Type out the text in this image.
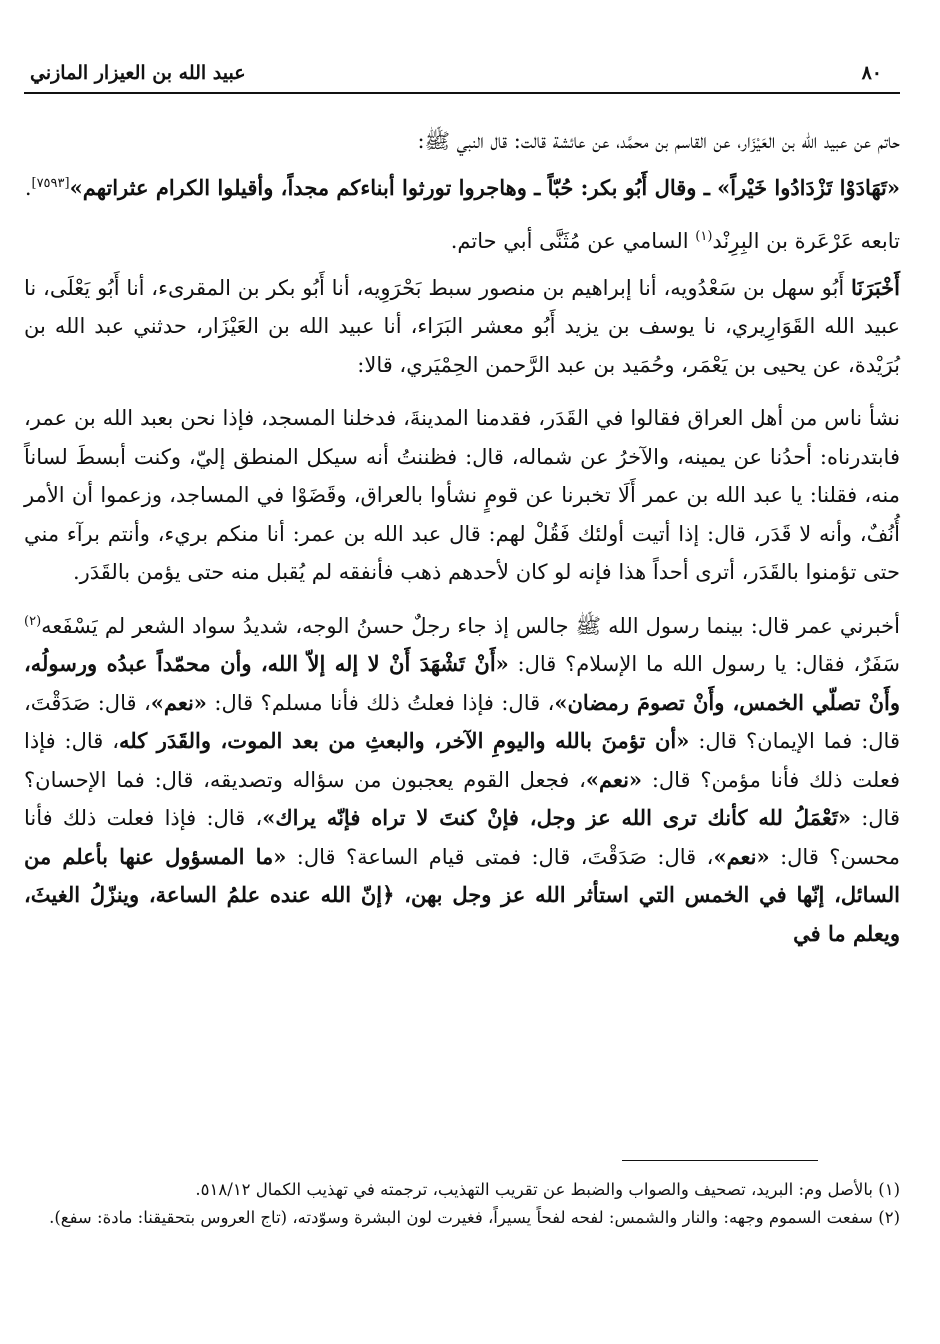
٨٠
عبيد الله بن العيزار المازني

حاتم عن عبيد الله بن العَيْزَار، عن القاسم بن محمَّد، عن عائشة قالت: قال النبي ﷺ:

«تَهَادَوْا تَزْدَادُوا خَيْراً» ـ وقال أَبُو بكر: حُبّاً ـ وهاجروا تورثوا أبناءكم مجداً، وأقيلوا الكرام عثراتهم»[٧٥٩٣].

تابعه عَرْعَرة بن البِرِنْد$^{(١)}$ السامي عن مُثَنَّى أبي حاتم.

أَخْبَرَنَا أَبُو سهل بن سَعْدُويه، أنا إبراهيم بن منصور سبط بَحْرَوِيه، أنا أَبُو بكر بن المقرىء، أنا أَبُو يَعْلَى، نا عبيد الله القَوَارِيري، نا يوسف بن يزيد أَبُو معشر البَرَاء، أنا عبيد الله بن العَيْزَار، حدثني عبد الله بن بُرَيْدة، عن يحيى بن يَعْمَر، وحُمَيد بن عبد الرَّحمن الحِمْيَري، قالا:

نشأ ناس من أهل العراق فقالوا في القَدَر، فقدمنا المدينةَ، فدخلنا المسجد، فإذا نحن بعبد الله بن عمر، فابتدرناه: أحدُنا عن يمينه، والآخرُ عن شماله، قال: فظننتُ أنه سيكل المنطق إليّ، وكنت أبسطَ لساناً منه، فقلنا: يا عبد الله بن عمر أَلَا تخبرنا عن قومٍ نشأوا بالعراق، وقَضَوْا في المساجد، وزعموا أن الأمر أُنُفٌ، وأنه لا قَدَر، قال: إذا أتيت أولئك فَقُلْ لهم: قال عبد الله بن عمر: أنا منكم بريء، وأنتم برآء مني حتى تؤمنوا بالقَدَر، أترى أحداً هذا فإنه لو كان لأحدهم ذهب فأنفقه لم يُقبل منه حتى يؤمن بالقَدَر.

أخبرني عمر قال: بينما رسول الله ﷺ جالس إذ جاء رجلٌ حسنُ الوجه، شديدُ سواد الشعر لم يَسْفَعه$^{(٢)}$ سَفَرٌ، فقال: يا رسول الله ما الإسلام؟ قال: «أَنْ تَشْهَدَ أَنْ لا إله إلاّ الله، وأن محمّداً عبدُه ورسولُه، وأَنْ تصلّي الخمس، وأَنْ تصومَ رمضان»، قال: فإذا فعلتُ ذلك فأنا مسلم؟ قال: «نعم»، قال: صَدَقْتَ، قال: فما الإيمان؟ قال: «أن تؤمنَ بالله واليومِ الآخر، والبعثِ من بعد الموت، والقَدَر كله، قال: فإذا فعلت ذلك فأنا مؤمن؟ قال: «نعم»، فجعل القوم يعجبون من سؤاله وتصديقه، قال: فما الإحسان؟ قال: «تَعْمَلُ لله كأنك ترى الله عز وجل، فإنْ كنتَ لا تراه فإنّه يراك»، قال: فإذا فعلت ذلك فأنا محسن؟ قال: «نعم»، قال: صَدَقْتَ، قال: فمتى قيام الساعة؟ قال: «ما المسؤول عنها بأعلم من السائل، إنّها في الخمس التي استأثر الله عز وجل بهن، ﴿إنّ الله عنده علمُ الساعة، وينزّلُ الغيثَ، ويعلم ما في

(١) بالأصل وم: البريد، تصحيف والصواب والضبط عن تقريب التهذيب، ترجمته في تهذيب الكمال ٥١٨/١٢.

(٢) سفعت السموم وجهه: والنار والشمس: لفحه لفحاً يسيراً، فغيرت لون البشرة وسوّدته، (تاج العروس بتحقيقنا: مادة: سفع).
